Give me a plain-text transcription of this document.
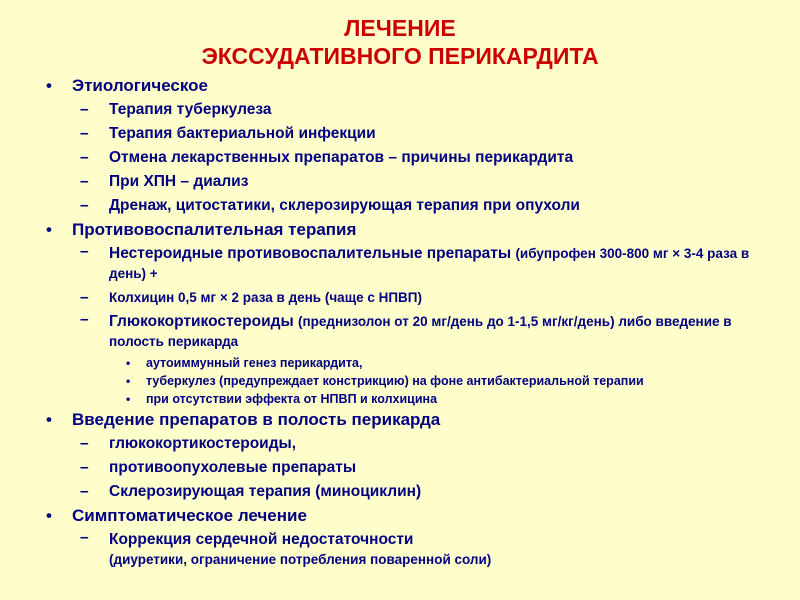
ЛЕЧЕНИЕ
ЭКССУДАТИВНОГО ПЕРИКАРДИТА
• Этиологическое
– Терапия туберкулеза
– Терапия бактериальной инфекции
– Отмена лекарственных препаратов – причины перикардита
– При ХПН – диализ
– Дренаж, цитостатики, склерозирующая терапия при опухоли
• Противовоспалительная терапия
– Нестероидные противовоспалительные препараты (ибупрофен 300-800 мг × 3-4 раза в день) +
– Колхицин 0,5 мг × 2 раза в день (чаще с НПВП)
– Глюкокортикостероиды (преднизолон от 20 мг/день до 1-1,5 мг/кг/день) либо введение в полость перикарда
• аутоиммунный генез перикардита,
• туберкулез (предупреждает констрикцию) на фоне антибактериальной терапии
• при отсутствии эффекта от НПВП и колхицина
• Введение препаратов в полость перикарда
– глюкокортикостероиды,
– противоопухолевые препараты
– Склерозирующая терапия (миноциклин)
• Симптоматическое лечение
– Коррекция сердечной недостаточности
(диуретики, ограничение потребления поваренной соли)
